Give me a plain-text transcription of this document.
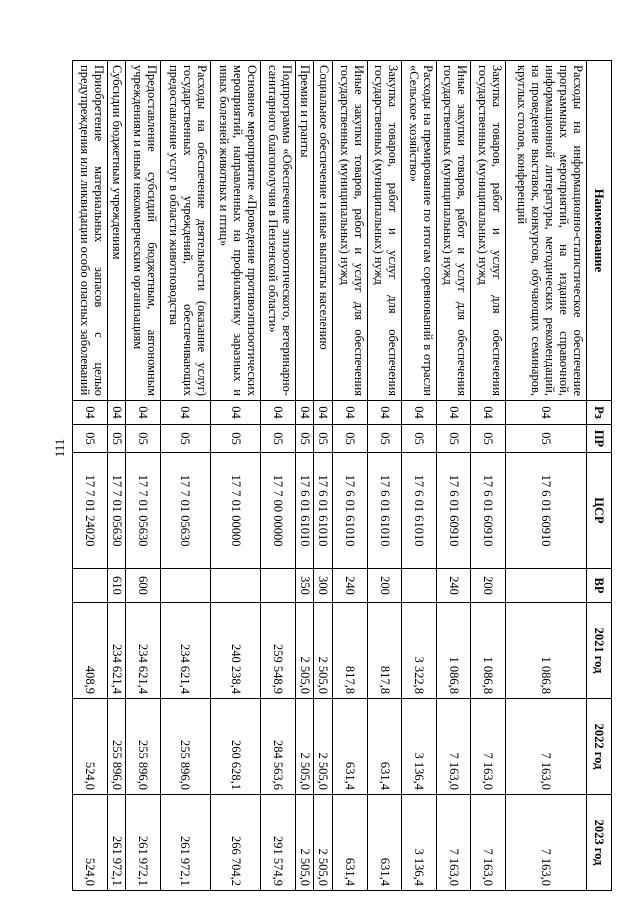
111
Наименование	Рз	ПР	ЦСР	ВР	2021 год	2022 год	2023 год
Расходы на информационно-статистическое обеспечение программных мероприятий, на издание справочной, информационной литературы, методических рекомендаций, на проведение выставок, конкурсов, обучающих семинаров, круглых столов, конференций	04	05	17 6 01 60910		1 086,8	7 163,0	7 163,0
Закупка товаров, работ и услуг для обеспечения государственных (муниципальных) нужд	04	05	17 6 01 60910	200	1 086,8	7 163,0	7 163,0
Иные закупки товаров, работ и услуг для обеспечения государственных (муниципальных) нужд	04	05	17 6 01 60910	240	1 086,8	7 163,0	7 163,0
Расходы на премирование по итогам соревнований в отрасли «Сельское хозяйство»	04	05	17 6 01 61010		3 322,8	3 136,4	3 136,4
Закупка товаров, работ и услуг для обеспечения государственных (муниципальных) нужд	04	05	17 6 01 61010	200	817,8	631,4	631,4
Иные закупки товаров, работ и услуг для обеспечения государственных (муниципальных) нужд	04	05	17 6 01 61010	240	817,8	631,4	631,4
Социальное обеспечение и иные выплаты населению	04	05	17 6 01 61010	300	2 505,0	2 505,0	2 505,0
Премии и гранты	04	05	17 6 01 61010	350	2 505,0	2 505,0	2 505,0
Подпрограмма «Обеспечение эпизоотического, ветеринарно-санитарного благополучия в Пензенской области»	04	05	17 7 00 00000		259 548,9	284 563,6	291 574,9
Основное мероприятие «Проведение противоэпизоотических мероприятий, направленных на профилактику заразных и иных болезней животных и птиц»	04	05	17 7 01 00000		240 238,4	260 628,1	266 704,2
Расходы на обеспечение деятельности (оказание услуг) государственных учреждений, обеспечивающих предоставление услуг в области животноводства	04	05	17 7 01 05630		234 621,4	255 896,0	261 972,1
Предоставление субсидий бюджетным, автономным учреждениям и иным некоммерческим организациям	04	05	17 7 01 05630	600	234 621,4	255 896,0	261 972,1
Субсидии бюджетным учреждениям	04	05	17 7 01 05630	610	234 621,4	255 896,0	261 972,1
Приобретение материальных запасов с целью предупреждения или ликвидации особо опасных заболеваний	04	05	17 7 01 24020		408,9	524,0	524,0
